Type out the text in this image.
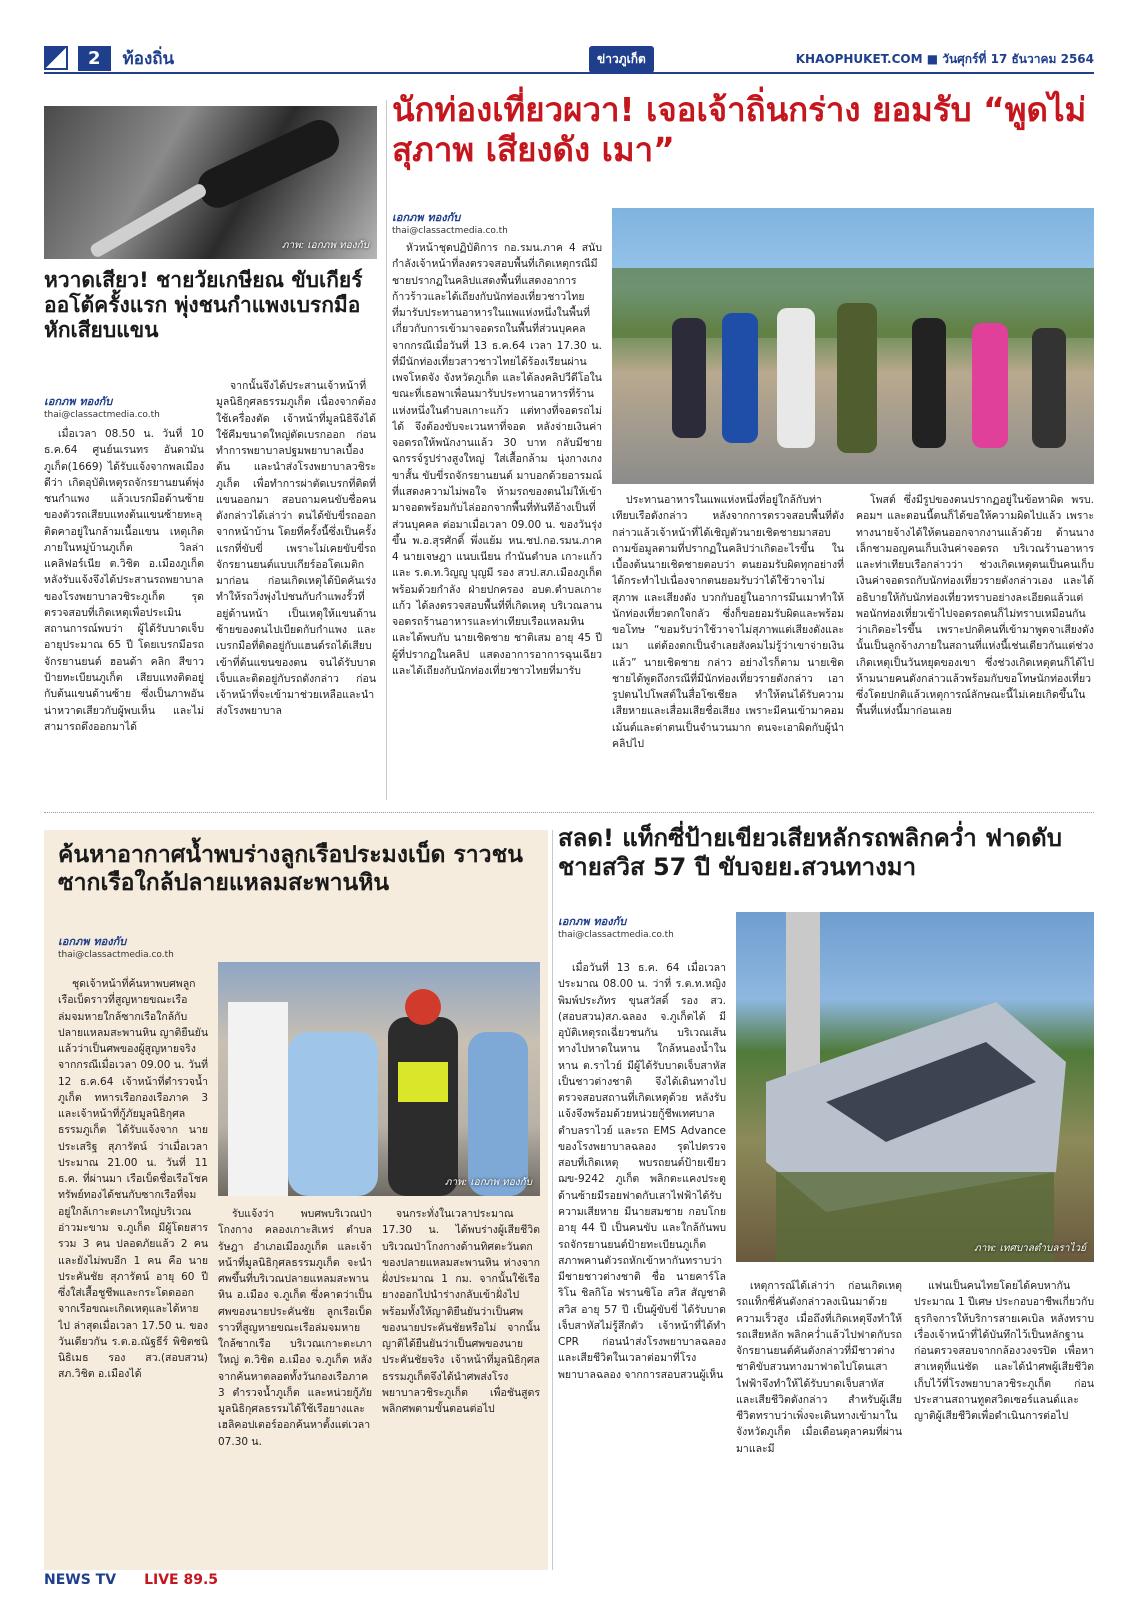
2	ท้องถิ่น	ข่าวภูเก็ต	KHAOPHUKET.COM ■ วันศุกร์ที่ 17 ธันวาคม 2564
ภาพ: เอกภพ ทองกับ
หวาดเสียว! ชายวัยเกษียณ ขับเกียร์ออโต้ครั้งแรก พุ่งชนกำแพงเบรกมือหักเสียบแขน
เอกภพ ทองกับ
thai@classactmedia.co.th

เมื่อเวลา 08.50 น. วันที่ 10 ธ.ค.64 ศูนย์นเรนทร อันดามันภูเก็ต(1669) ได้รับแจ้งจากพลเมืองดีว่า เกิดอุบัติเหตุรถจักรยานยนต์พุ่งชนกำแพง แล้วเบรกมือด้านซ้ายของตัวรถเสียบแทงต้นแขนซ้ายทะลุ ติดคาอยู่ในกล้ามเนื้อแขน เหตุเกิดภายในหมู่บ้านภูเก็ต วิลล่า แคลิฟอร์เนีย ต.วิชิต อ.เมืองภูเก็ต หลังรับแจ้งจึงได้ประสานรถพยาบาลของโรงพยาบาลวชิระภูเก็ต รุดตรวจสอบที่เกิดเหตุเพื่อประเมินสถานการณ์พบว่า ผู้ได้รับบาดเจ็บ อายุประมาณ 65 ปี โดยเบรกมือรถจักรยานยนต์ ฮอนด้า คลิก สีขาว ป้ายทะเบียนภูเก็ต เสียบแทงติดอยู่กับต้นแขนด้านซ้าย ซึ่งเป็นภาพอันน่าหวาดเสียวกับผู้พบเห็น และไม่สามารถดึงออกมาได้

จากนั้นจึงได้ประสานเจ้าหน้าที่มูลนิธิกุศลธรรมภูเก็ต เนื่องจากต้องใช้เครื่องตัด เจ้าหน้าที่มูลนิธิจึงได้ใช้คีมขนาดใหญ่ตัดเบรกออก ก่อนทำการพยาบาลปฐมพยาบาลเบื้องต้น และนำส่งโรงพยาบาลวชิระภูเก็ต เพื่อทำการผ่าตัดเบรกที่ติดที่แขนออกมา สอบถามคนขับชื่อคนดังกล่าวได้เล่าว่า ตนได้ขับขี่รถออกจากหน้าบ้าน โดยที่ครั้งนี้ซึ่งเป็นครั้งแรกที่ขับขี่ เพราะไม่เคยขับขี่รถจักรยานยนต์แบบเกียร์ออโตเมติกมาก่อน ก่อนเกิดเหตุได้บิดคันเร่งทำให้รถวิ่งพุ่งไปชนกับกำแพงรั้วที่อยู่ด้านหน้า เป็นเหตุให้แขนด้านซ้ายของตนไปเบียดกับกำแพง และเบรกมือที่ติดอยู่กับแฮนด์รถได้เสียบเข้าที่ต้นแขนของตน จนได้รับบาดเจ็บและติดอยู่กับรถดังกล่าว ก่อนเจ้าหน้าที่จะเข้ามาช่วยเหลือและนำส่งโรงพยาบาล

นักท่องเที่ยวผวา! เจอเจ้าถิ่นกร่าง ยอมรับ “พูดไม่สุภาพ เสียงดัง เมา”
เอกภพ ทองกับ
thai@classactmedia.co.th

หัวหน้าชุดปฏิบัติการ กอ.รมน.ภาค 4 สนับกำลังเจ้าหน้าที่ลงตรวจสอบพื้นที่เกิดเหตุกรณีมีชายปรากฏในคลิปแสดงพื้นที่แสดงอาการก้าวร้าวและได้เถียงกับนักท่องเที่ยวชาวไทย ที่มารับประทานอาหารในแพแห่งหนึ่งในพื้นที่ เกี่ยวกับการเข้ามาจอดรถในพื้นที่ส่วนบุคคล จากกรณีเมื่อวันที่ 13 ธ.ค.64 เวลา 17.30 น. ที่มีนักท่องเที่ยวสาวชาวไทยได้ร้องเรียนผ่านเพจโหดจัง จังหวัดภูเก็ต และได้ลงคลิปวีดีโอในขณะที่เธอพาเพื่อนมารับประทานอาหารที่ร้านแห่งหนึ่งในตำบลเกาะแก้ว แต่ทางที่จอดรถไม่ได้ จึงต้องขับจะเวนหาที่จอด หลังจ่ายเงินค่าจอดรถให้พนักงานแล้ว 30 บาท กลับมีชายฉกรรจ์รูปร่างสูงใหญ่ ใส่เสื้อกล้าม นุ่งกางเกงขาสั้น ขับขี่รถจักรยานยนต์ มาบอกด้วยอารมณ์ที่แสดงความไม่พอใจ ห้ามรถของตนไม่ให้เข้ามาจอดพร้อมกับไล่ออกจากพื้นที่ทันทีอ้างเป็นที่ส่วนบุคคล ต่อมาเมื่อเวลา 09.00 น. ของวันรุ่งขึ้น พ.อ.สุรศักดิ์ พึ่งแย้ม หน.ชป.กอ.รมน.ภาค 4 นายเจษฎา แนบเนียน กำนันตำบล เกาะแก้ว และ ร.ต.ท.วิญญู บุญมี รอง สวป.สภ.เมืองภูเก็ต พร้อมด้วยกำลัง ฝ่ายปกครอง อบต.ตำบลเกาะแก้ว ได้ลงตรวจสอบพื้นที่ที่เกิดเหตุ บริเวณลานจอดรถร้านอาหารและท่าเทียบเรือแหลมหินและได้พบกับ นายเชิดชาย ชาติเสม อายุ 45 ปี ผู้ที่ปรากฏในคลิป แสดงอาการอาการฉุนเฉียวและได้เถียงกับนักท่องเที่ยวชาวไทยที่มารับ

ประทานอาหารในแพแห่งหนึ่งที่อยู่ใกล้กับท่าเทียบเรือดังกล่าว หลังจากการตรวจสอบพื้นที่ดังกล่าวแล้วเจ้าหน้าที่ได้เชิญตัวนายเชิดชายมาสอบถามข้อมูลตามที่ปรากฏในคลิปว่าเกิดอะไรขึ้น ในเบื้องต้นนายเชิดชายตอบว่า ตนยอมรับผิดทุกอย่างที่ได้กระทำไปเนื่องจากตนยอมรับว่าได้ใช้วาจาไม่สุภาพ และเสียงดัง บวกกับอยู่ในอาการมึนเมาทำให้นักท่องเที่ยวตกใจกลัว ซึ่งก็ขอยอมรับผิดและพร้อมขอโทษ “ขอมรับว่าใช้วาจาไม่สุภาพแต่เสียงดังและเมา แต่ต้องตกเป็นจำเลยสังคมไม่รู้ว่าเขาจ่ายเงินแล้ว” นายเชิดชาย กล่าว อย่างไรก็ตาม นายเชิดชายได้พูดถึงกรณีที่มีนักท่องเที่ยวรายดังกล่าว เอารูปตนไปโพสต์ในสื่อโซเชียล ทำให้ตนได้รับความเสียหายและเสื่อมเสียชื่อเสียง เพราะมีคนเข้ามาคอมเม้นต์และด่าตนเป็นจำนวนมาก ตนจะเอาผิดกับผู้นำคลิปไป

โพสต์ ซึ่งมีรูปของตนปรากฏอยู่ในข้อหาผิด พรบ. คอมฯ และตอนนี้ตนก็ได้ขอให้ความผิดไปแล้ว เพราะทางนายจ้างได้ให้ตนออกจากงานแล้วด้วย ด้านนางเล็กชามอญคนเก็บเงินค่าจอดรถ บริเวณร้านอาหารและท่าเทียบเรือกล่าวว่า ช่วงเกิดเหตุตนเป็นคนเก็บเงินค่าจอดรถกับนักท่องเที่ยวรายดังกล่าวเอง และได้อธิบายให้กับนักท่องเที่ยวทราบอย่างละเอียดแล้วแต่พอนักท่องเที่ยวเข้าไปจอดรถตนก็ไม่ทราบเหมือนกันว่าเกิดอะไรขึ้น เพราะปกติคนที่เข้ามาพูดจาเสียงดังนั้นเป็นลูกจ้างภายในสถานที่แห่งนี้เช่นเดียวกันแต่ช่วงเกิดเหตุเป็นวันหยุดของเขา ซึ่งช่วงเกิดเหตุตนก็ได้ไปห้ามนายคนดังกล่าวแล้วพร้อมกับขอโทษนักท่องเที่ยว ซึ่งโดยปกติแล้วเหตุการณ์ลักษณะนี้ไม่เคยเกิดขึ้นในพื้นที่แห่งนี้มาก่อนเลย

ค้นหาอากาศน้ำพบร่างลูกเรือประมงเบ็ด ราวชนซากเรือใกล้ปลายแหลมสะพานหิน
เอกภพ ทองกับ
thai@classactmedia.co.th

ชุดเจ้าหน้าที่ค้นหาพบศพลูกเรือเบ็ดราวที่สูญหายขณะเรือล่มจมหายใกล้ซากเรือใกล้กับปลายแหลมสะพานหิน ญาติยืนยันแล้วว่าเป็นศพของผู้สูญหายจริง จากกรณีเมื่อเวลา 09.00 น. วันที่ 12 ธ.ค.64 เจ้าหน้าที่ตำรวจน้ำภูเก็ต ทหารเรือกองเรือภาค 3 และเจ้าหน้าที่กู้ภัยมูลนิธิกุศลธรรมภูเก็ต ได้รับแจ้งจาก นายประเสริฐ สุภารัตน์ ว่าเมื่อเวลาประมาณ 21.00 น. วันที่ 11 ธ.ค. ที่ผ่านมา เรือเบ็ดชื่อเรือโชคทรัพย์ทองได้ชนกับซากเรือที่จมอยู่ใกล้เกาะตะเภาใหญ่บริเวณอ่าวมะขาม จ.ภูเก็ต มีผู้โดยสารรวม 3 คน ปลอดภัยแล้ว 2 คน และยังไม่พบอีก 1 คน คือ นายประคันชัย สุภารัตน์ อายุ 60 ปี ซึ่งใส่เสื้อชูชีพและกระโดดออกจากเรือขณะเกิดเหตุและได้หายไป ล่าสุดเมื่อเวลา 17.50 น. ของวันเดียวกัน ร.ต.อ.ณัฐธีร์ พิชิตชนินิธิเมธ รอง สว.(สอบสวน) สภ.วิชิต อ.เมืองได้

ภาพ: เอกภพ ทองกับ

รับแจ้งว่า พบศพบริเวณป่าโกงกาง คลองเกาะสิเหร่ ตำบลรัษฎา อำเภอเมืองภูเก็ต และเจ้าหน้าที่มูลนิธิกุศลธรรมภูเก็ต จะนำศพขึ้นที่บริเวณปลายแหลมสะพานหิน อ.เมือง จ.ภูเก็ต ซึ่งคาดว่าเป็นศพของนายประคันชัย ลูกเรือเบ็ดราวที่สูญหายขณะเรือล่มจมหายใกล้ซากเรือ บริเวณเกาะตะเภาใหญ่ ต.วิชิต อ.เมือง จ.ภูเก็ต หลังจากค้นหาตลอดทั้งวันกองเรือภาค 3 ตำรวจน้ำภูเก็ต และหน่วยกู้ภัยมูลนิธิกุศลธรรมได้ใช้เรือยางและเฮลิคอปเตอร์ออกค้นหาตั้งแต่เวลา 07.30 น.

จนกระทั่งในเวลาประมาณ 17.30 น. ได้พบร่างผู้เสียชีวิตบริเวณป่าโกงกางด้านทิศตะวันตกของปลายแหลมสะพานหิน ห่างจากฝั่งประมาณ 1 กม. จากนั้นใช้เรือยางออกไปนำร่างกลับเข้าฝั่งไป พร้อมทั้งให้ญาติยืนยันว่าเป็นศพของนายประคันชัยหรือไม่ จากนั้นญาติได้ยืนยันว่าเป็นศพของนายประคันชัยจริง เจ้าหน้าที่มูลนิธิกุศลธรรมภูเก็ตจึงได้นำศพส่งโรงพยาบาลวชิระภูเก็ต เพื่อชันสูตรพลิกศพตามขั้นตอนต่อไป

สลด! แท็กซี่ป้ายเขียวเสียหลักรถพลิกคว่ำ ฟาดดับชายสวิส 57 ปี ขับจยย.สวนทางมา
เอกภพ ทองกับ
thai@classactmedia.co.th

เมื่อวันที่ 13 ธ.ค. 64 เมื่อเวลาประมาณ 08.00 น. ว่าที่ ร.ต.ท.หญิง พิมพ์ประภัทร ขุนสวัสดิ์ รอง สว.(สอบสวน)สภ.ฉลอง จ.ภูเก็ตได้ มีอุบัติเหตุรถเฉี่ยวชนกัน บริเวณเส้นทางไปหาดในหาน ใกล้หนองน้ำในหาน ต.ราไวย์ มีผู้ได้รับบาดเจ็บสาหัสเป็นชาวต่างชาติ จึงได้เดินทางไปตรวจสอบสถานที่เกิดเหตุด้วย หลังรับแจ้งจึงพร้อมด้วยหน่วยกู้ชีพเทศบาลตำบลราไวย์ และรถ EMS Advance ของโรงพยาบาลฉลอง รุดไปตรวจสอบที่เกิดเหตุ พบรถยนต์ป้ายเขียว ฌข-9242 ภูเก็ต พลิกตะแคงประตูด้านซ้ายมีรอยฟาดกับเสาไฟฟ้าได้รับความเสียหาย มีนายสมชาย กอบโกย อายุ 44 ปี เป็นคนขับ และใกล้กันพบรถจักรยานยนต์ป้ายทะเบียนภูเก็ต สภาพคานตัวรถหักเข้าหากันทราบว่ามีชายชาวต่างชาติ ชื่อ นายคาร์โล ริโน ชิลกิโอ ฟรานซิโอ สวิส สัญชาติสวิส อายุ 57 ปี เป็นผู้ขับขี่ ได้รับบาดเจ็บสาหัสไม่รู้สึกตัว เจ้าหน้าที่ได้ทำ CPR ก่อนนำส่งโรงพยาบาลฉลอง และเสียชีวิตในเวลาต่อมาที่โรงพยาบาลฉลอง จากการสอบสวนผู้เห็น

ภาพ: เทศบาลตำบลราไวย์

เหตุการณ์ได้เล่าว่า ก่อนเกิดเหตุรถแท็กซี่คันดังกล่าวลงเนินมาด้วยความเร็วสูง เมื่อถึงที่เกิดเหตุจึงทำให้รถเสียหลัก พลิกคว่ำแล้วไปฟาดกับรถจักรยานยนต์คันดังกล่าวที่มีชาวต่างชาติขับสวนทางมาฟาดไปโดนเสาไฟฟ้าจึงทำให้ได้รับบาดเจ็บสาหัสและเสียชีวิตดังกล่าว สำหรับผู้เสียชีวิตทราบว่าเพิ่งจะเดินทางเข้ามาในจังหวัดภูเก็ต เมื่อเดือนตุลาคมที่ผ่านมาและมี

แฟนเป็นคนไทยโดยได้คบหากันประมาณ 1 ปีเศษ ประกอบอาชีพเกี่ยวกับธุรกิจการให้บริการสายเคเบิล หลังทราบเรื่องเจ้าหน้าที่ได้บันทึกไว้เป็นหลักฐาน ก่อนตรวจสอบจากกล้องวงจรปิด เพื่อหาสาเหตุที่แน่ชัด และได้นำศพผู้เสียชีวิตเก็บไว้ที่โรงพยาบาลวชิระภูเก็ต ก่อนประสานสถานทูตสวิตเซอร์แลนด์และญาติผู้เสียชีวิตเพื่อดำเนินการต่อไป

NEWS TV LIVE 89.5
